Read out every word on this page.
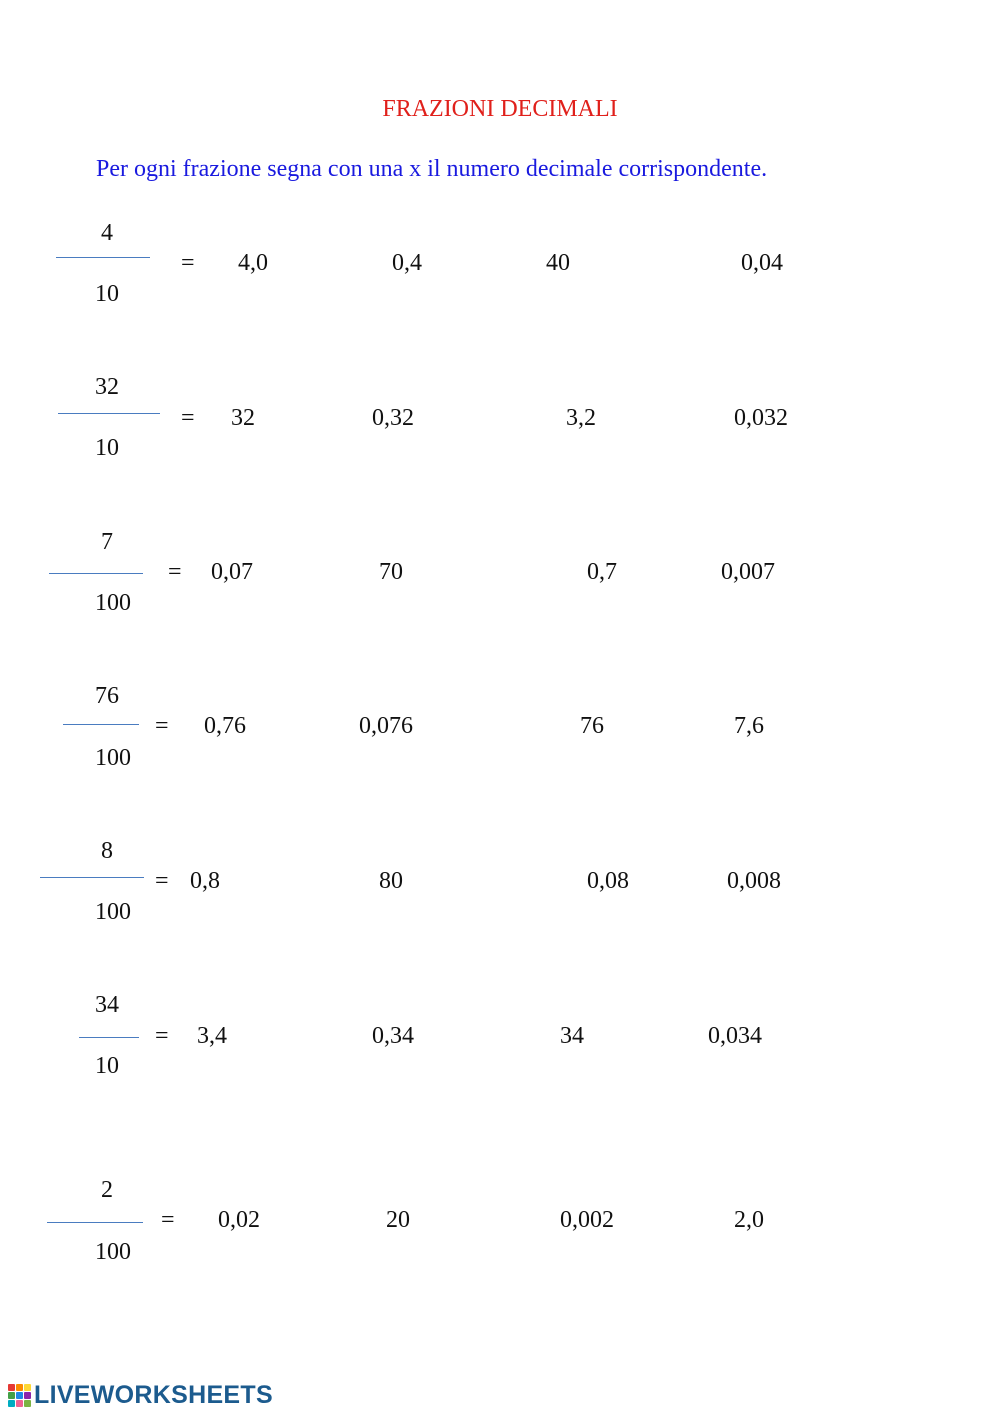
FRAZIONI DECIMALI
Per ogni frazione segna con una x il numero decimale corrispondente.
4
10
= 4,0	0,4	40	0,04
32
10
= 32	0,32	3,2	0,032
7
100
= 0,07	70	0,7	0,007
76
100
= 0,76	0,076	76	7,6
8
100
= 0,8	80	0,08	0,008
34
10
= 3,4	0,34	34	0,034
2
100
= 0,02	20	0,002	2,0
LIVEWORKSHEETS
